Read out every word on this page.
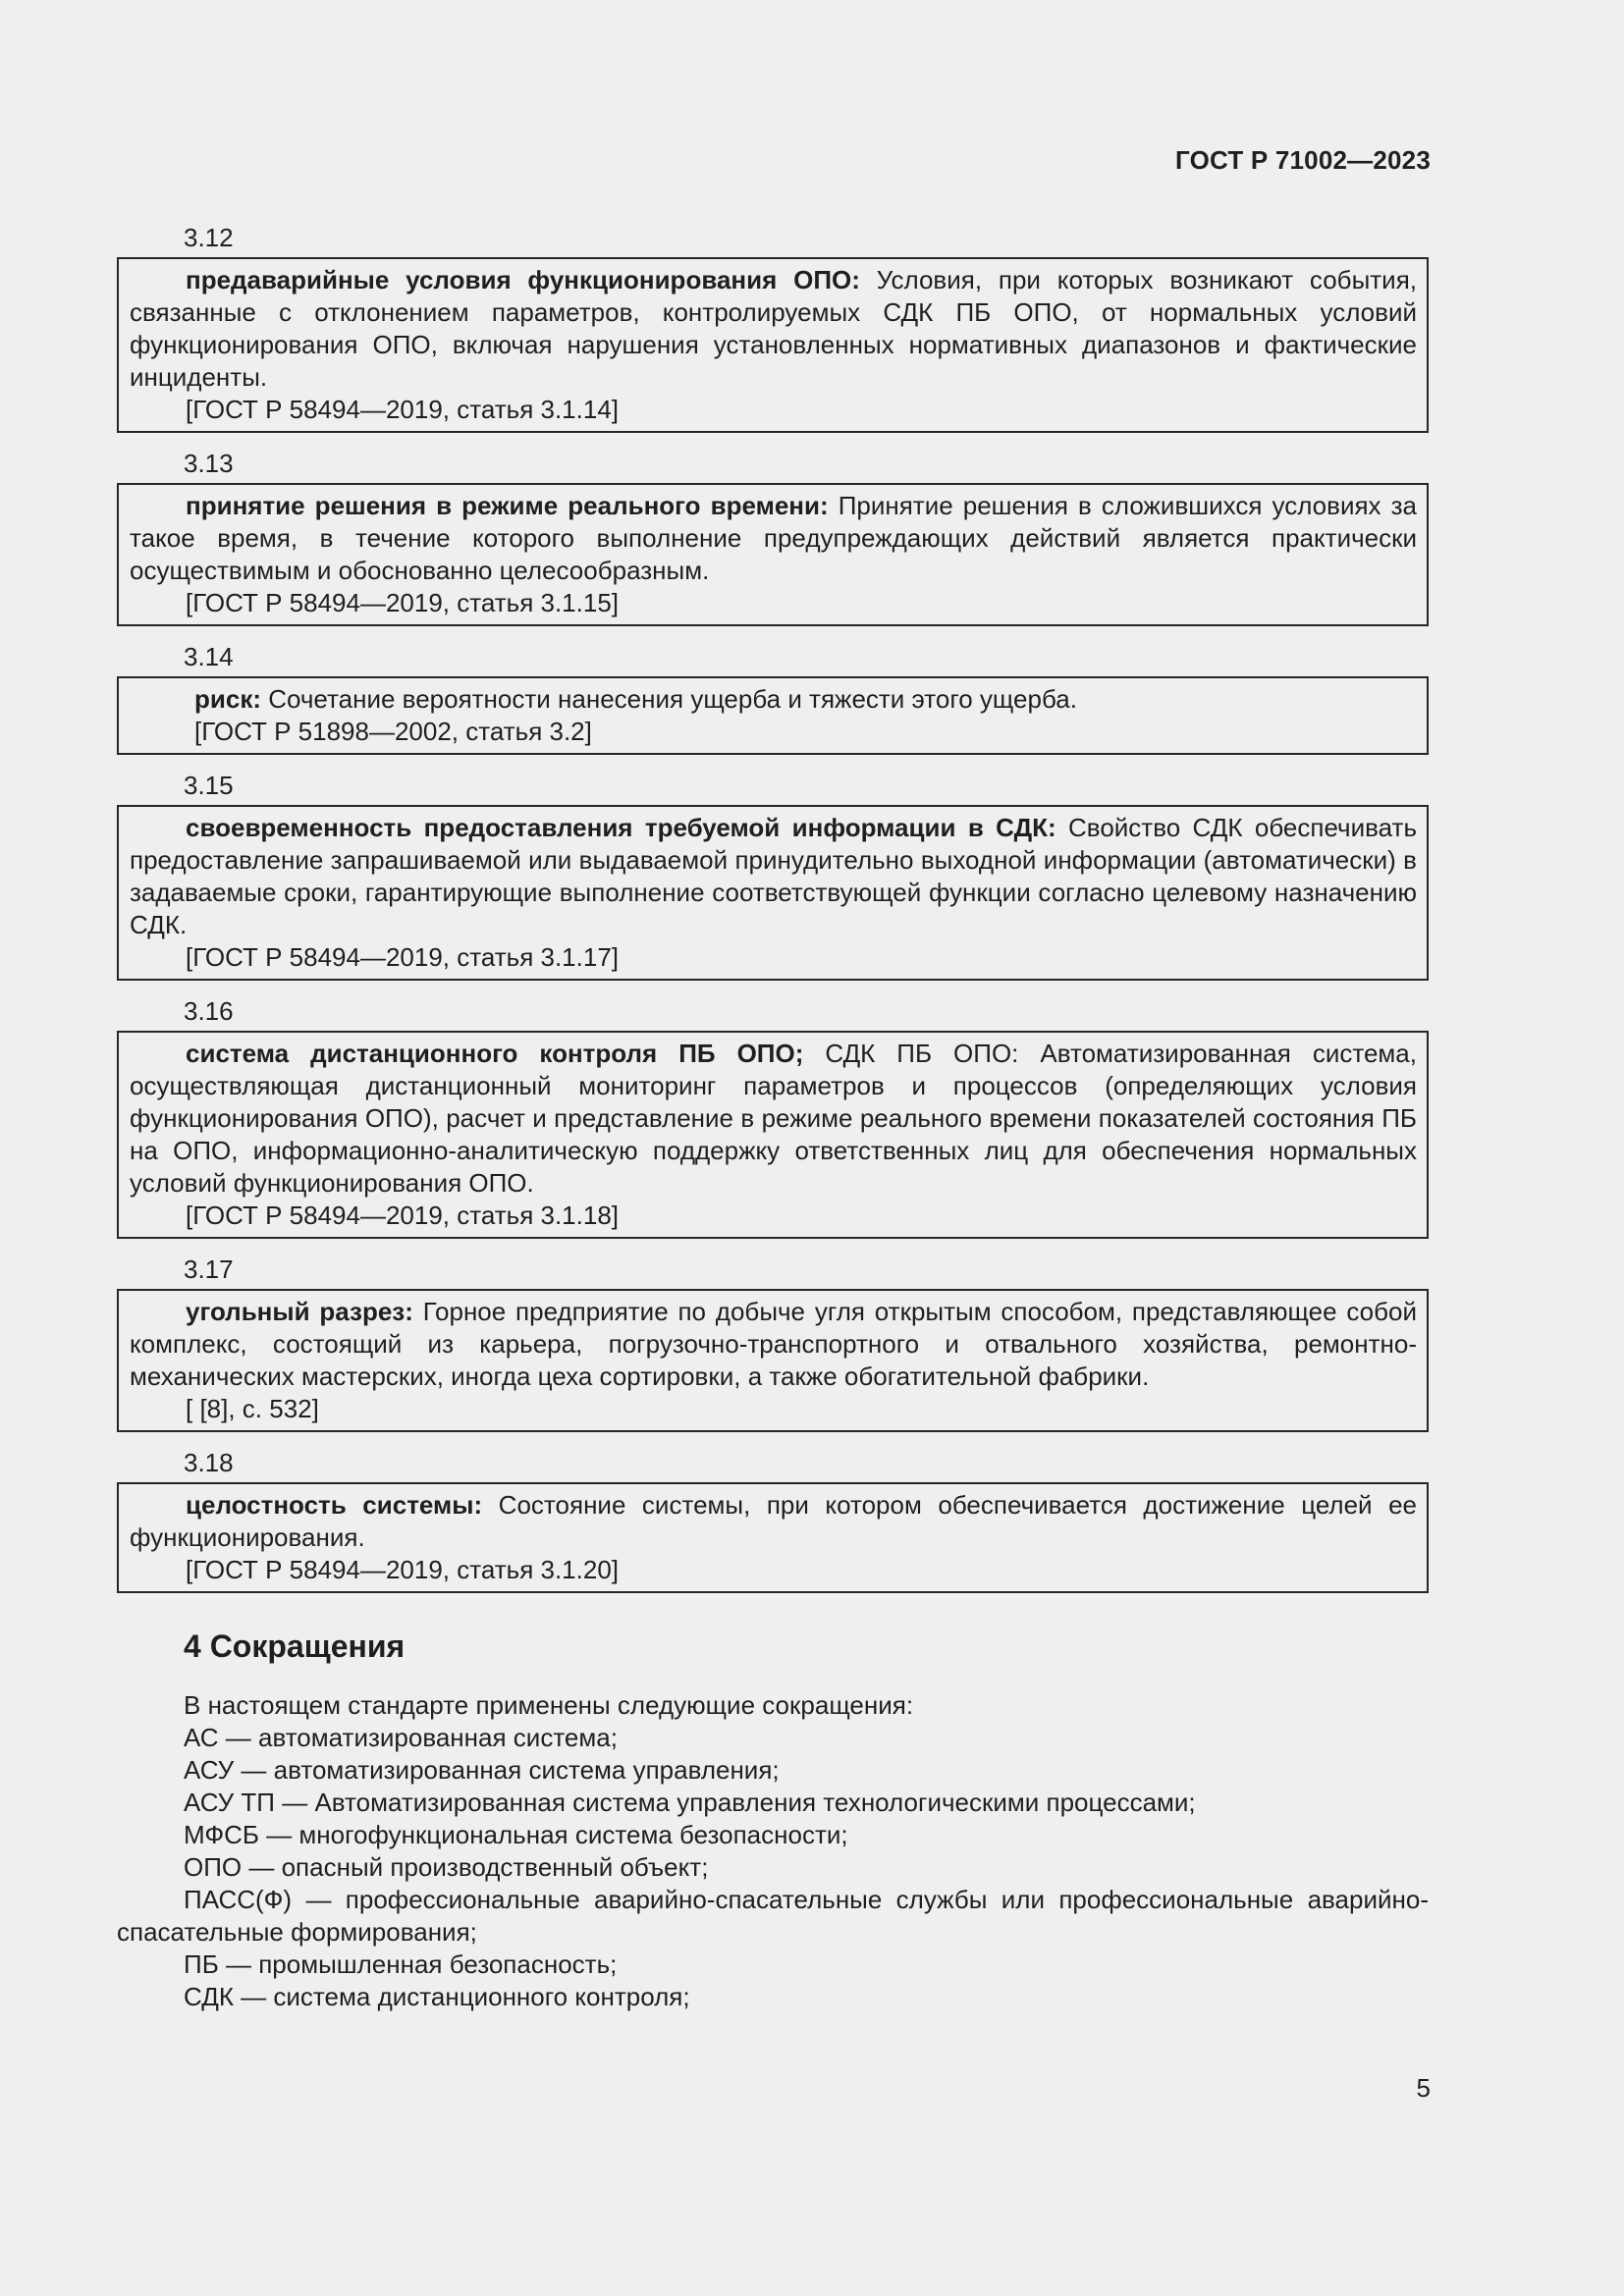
ГОСТ Р 71002—2023
3.12

предаварийные условия функционирования ОПО: Условия, при которых возникают события, связанные с отклонением параметров, контролируемых СДК ПБ ОПО, от нормальных условий функционирования ОПО, включая нарушения установленных нормативных диапазонов и фактические инциденты.

[ГОСТ Р 58494—2019, статья 3.1.14]
3.13

принятие решения в режиме реального времени: Принятие решения в сложившихся условиях за такое время, в течение которого выполнение предупреждающих действий является практически осуществимым и обоснованно целесообразным.

[ГОСТ Р 58494—2019, статья 3.1.15]
3.14

риск: Сочетание вероятности нанесения ущерба и тяжести этого ущерба.

[ГОСТ Р 51898—2002, статья 3.2]
3.15

своевременность предоставления требуемой информации в СДК: Свойство СДК обеспечивать предоставление запрашиваемой или выдаваемой принудительно выходной информации (автоматически) в задаваемые сроки, гарантирующие выполнение соответствующей функции согласно целевому назначению СДК.

[ГОСТ Р 58494—2019, статья 3.1.17]
3.16

система дистанционного контроля ПБ ОПО; СДК ПБ ОПО: Автоматизированная система, осуществляющая дистанционный мониторинг параметров и процессов (определяющих условия функционирования ОПО), расчет и представление в режиме реального времени показателей состояния ПБ на ОПО, информационно-аналитическую поддержку ответственных лиц для обеспечения нормальных условий функционирования ОПО.

[ГОСТ Р 58494—2019, статья 3.1.18]
3.17

угольный разрез: Горное предприятие по добыче угля открытым способом, представляющее собой комплекс, состоящий из карьера, погрузочно-транспортного и отвального хозяйства, ремонтно-механических мастерских, иногда цеха сортировки, а также обогатительной фабрики.

[ [8], с. 532]
3.18

целостность системы: Состояние системы, при котором обеспечивается достижение целей ее функционирования.

[ГОСТ Р 58494—2019, статья 3.1.20]
4 Сокращения
В настоящем стандарте применены следующие сокращения:
АС — автоматизированная система;
АСУ — автоматизированная система управления;
АСУ ТП — Автоматизированная система управления технологическими процессами;
МФСБ — многофункциональная система безопасности;
ОПО — опасный производственный объект;
ПАСС(Ф) — профессиональные аварийно-спасательные службы или профессиональные аварийно-спасательные формирования;
ПБ — промышленная безопасность;
СДК — система дистанционного контроля;
5
